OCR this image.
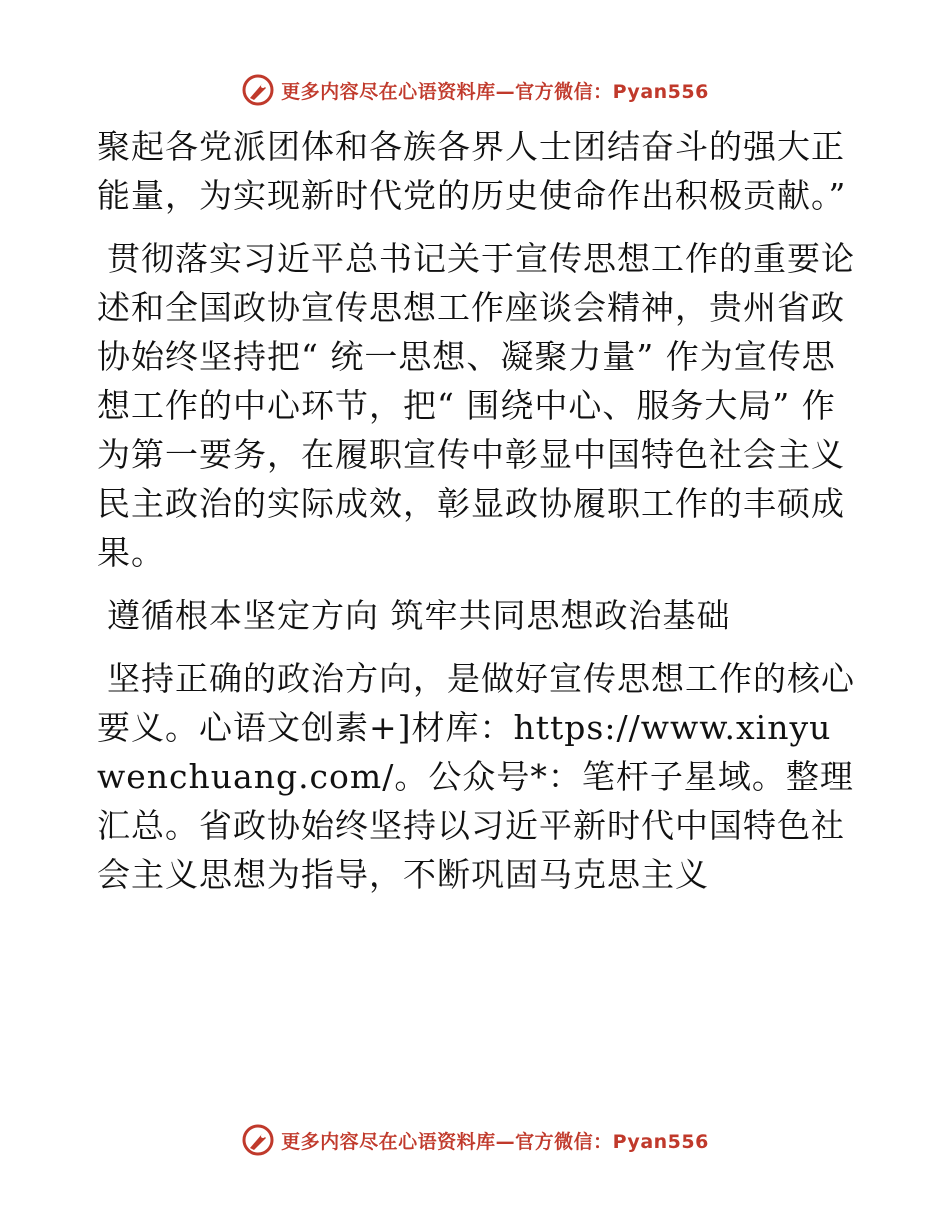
更多内容尽在心语资料库—官方微信：Pyan556

聚起各党派团体和各族各界人士团结奋斗的强大正能量，为实现新时代党的历史使命作出积极贡献。”

贯彻落实习近平总书记关于宣传思想工作的重要论述和全国政协宣传思想工作座谈会精神，贵州省政协始终坚持把“ 统一思想、凝聚力量” 作为宣传思想工作的中心环节，把“ 围绕中心、服务大局” 作为第一要务，在履职宣传中彰显中国特色社会主义民主政治的实际成效，彰显政协履职工作的丰硕成果。

遵循根本坚定方向 筑牢共同思想政治基础

坚持正确的政治方向，是做好宣传思想工作的核心要义。心语文创素+]材库：https://www.xinyuwenchuang.com/。公众号*：笔杆子星域。整理汇总。省政协始终坚持以习近平新时代中国特色社会主义思想为指导，不断巩固马克思主义

更多内容尽在心语资料库—官方微信：Pyan556
